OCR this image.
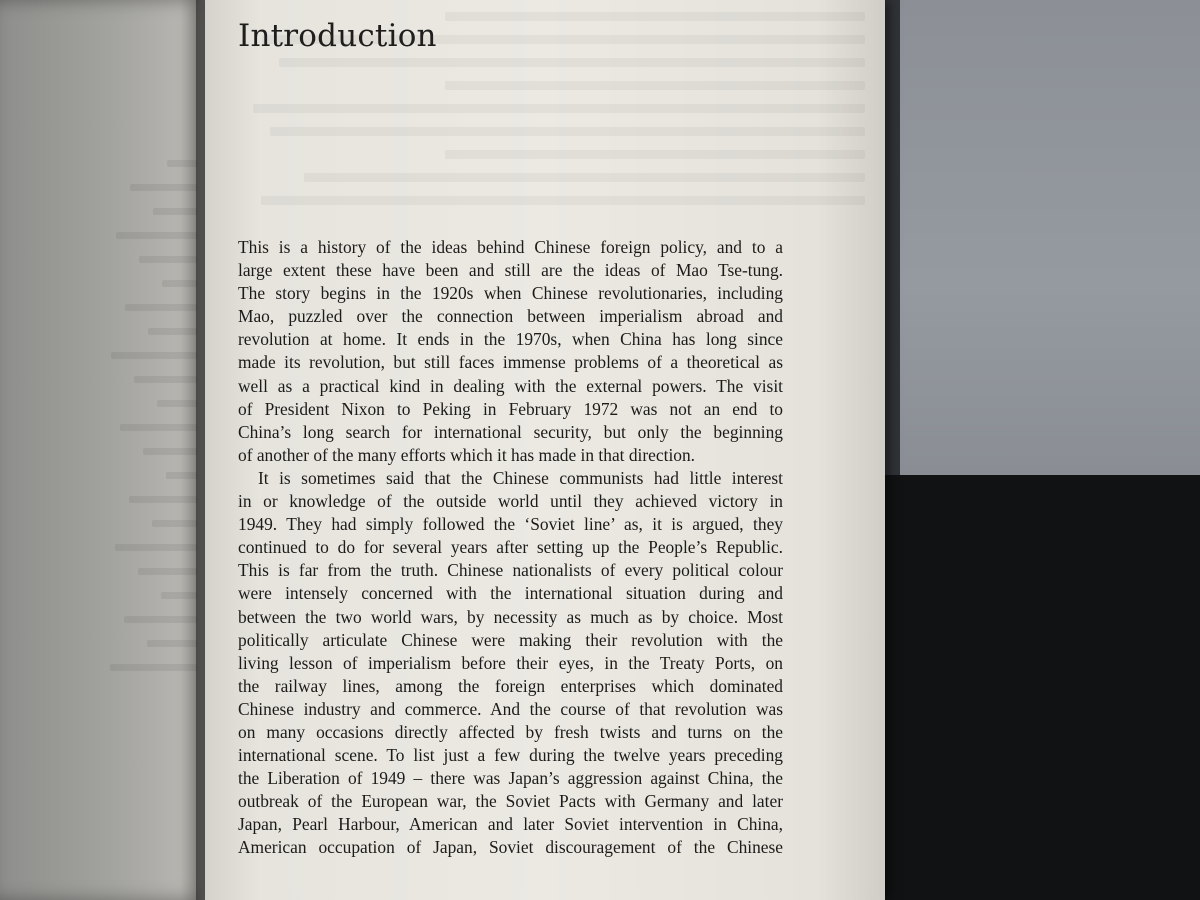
Introduction
This is a history of the ideas behind Chinese foreign policy, and to a
large extent these have been and still are the ideas of Mao Tse-tung.
The story begins in the 1920s when Chinese revolutionaries, including
Mao, puzzled over the connection between imperialism abroad and
revolution at home. It ends in the 1970s, when China has long since
made its revolution, but still faces immense problems of a theoretical as
well as a practical kind in dealing with the external powers. The visit
of President Nixon to Peking in February 1972 was not an end to
China’s long search for international security, but only the beginning
of another of the many efforts which it has made in that direction.
It is sometimes said that the Chinese communists had little interest
in or knowledge of the outside world until they achieved victory in
1949. They had simply followed the ‘Soviet line’ as, it is argued, they
continued to do for several years after setting up the People’s Republic.
This is far from the truth. Chinese nationalists of every political colour
were intensely concerned with the international situation during and
between the two world wars, by necessity as much as by choice. Most
politically articulate Chinese were making their revolution with the
living lesson of imperialism before their eyes, in the Treaty Ports, on
the railway lines, among the foreign enterprises which dominated
Chinese industry and commerce. And the course of that revolution was
on many occasions directly affected by fresh twists and turns on the
international scene. To list just a few during the twelve years preceding
the Liberation of 1949 – there was Japan’s aggression against China, the
outbreak of the European war, the Soviet Pacts with Germany and later
Japan, Pearl Harbour, American and later Soviet intervention in China,
American occupation of Japan, Soviet discouragement of the Chinese
